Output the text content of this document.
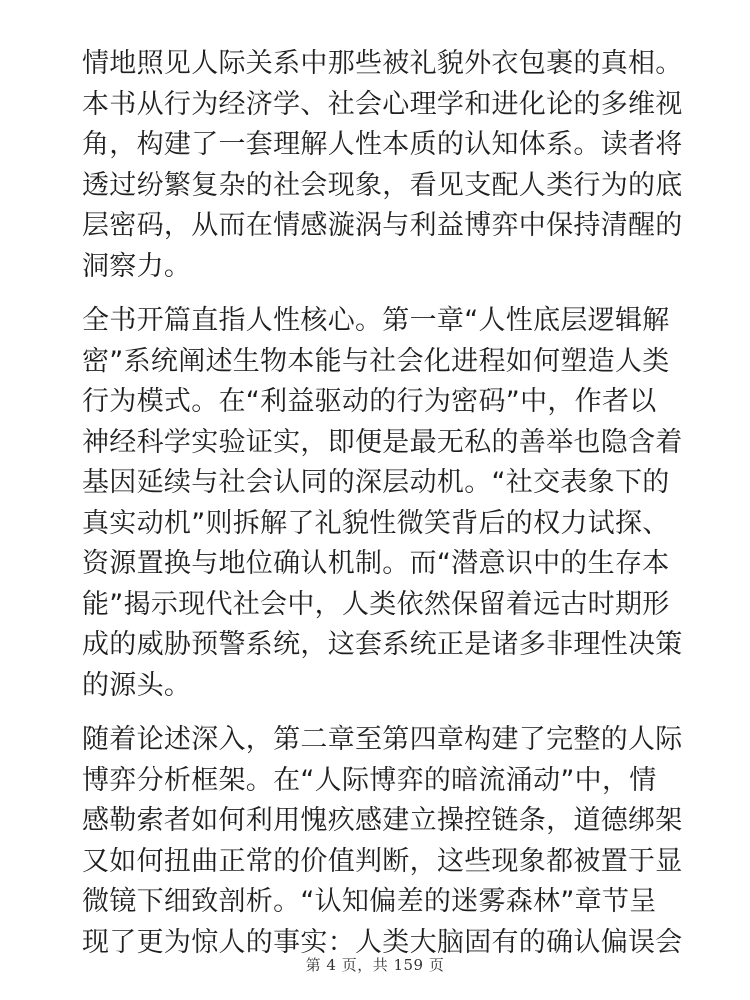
情地照见人际关系中那些被礼貌外衣包裹的真相。
本书从行为经济学、社会心理学和进化论的多维视
角，构建了一套理解人性本质的认知体系。读者将
透过纷繁复杂的社会现象，看见支配人类行为的底
层密码，从而在情感漩涡与利益博弈中保持清醒的
洞察力。
全书开篇直指人性核心。第一章“人性底层逻辑解
密”系统阐述生物本能与社会化进程如何塑造人类
行为模式。在“利益驱动的行为密码”中，作者以
神经科学实验证实，即便是最无私的善举也隐含着
基因延续与社会认同的深层动机。“社交表象下的
真实动机”则拆解了礼貌性微笑背后的权力试探、
资源置换与地位确认机制。而“潜意识中的生存本
能”揭示现代社会中，人类依然保留着远古时期形
成的威胁预警系统，这套系统正是诸多非理性决策
的源头。
随着论述深入，第二章至第四章构建了完整的人际
博弈分析框架。在“人际博弈的暗流涌动”中，情
感勒索者如何利用愧疚感建立操控链条，道德绑架
又如何扭曲正常的价值判断，这些现象都被置于显
微镜下细致剖析。“认知偏差的迷雾森林”章节呈
现了更为惊人的事实：人类大脑固有的确认偏误会
第 4 页，共 159 页
